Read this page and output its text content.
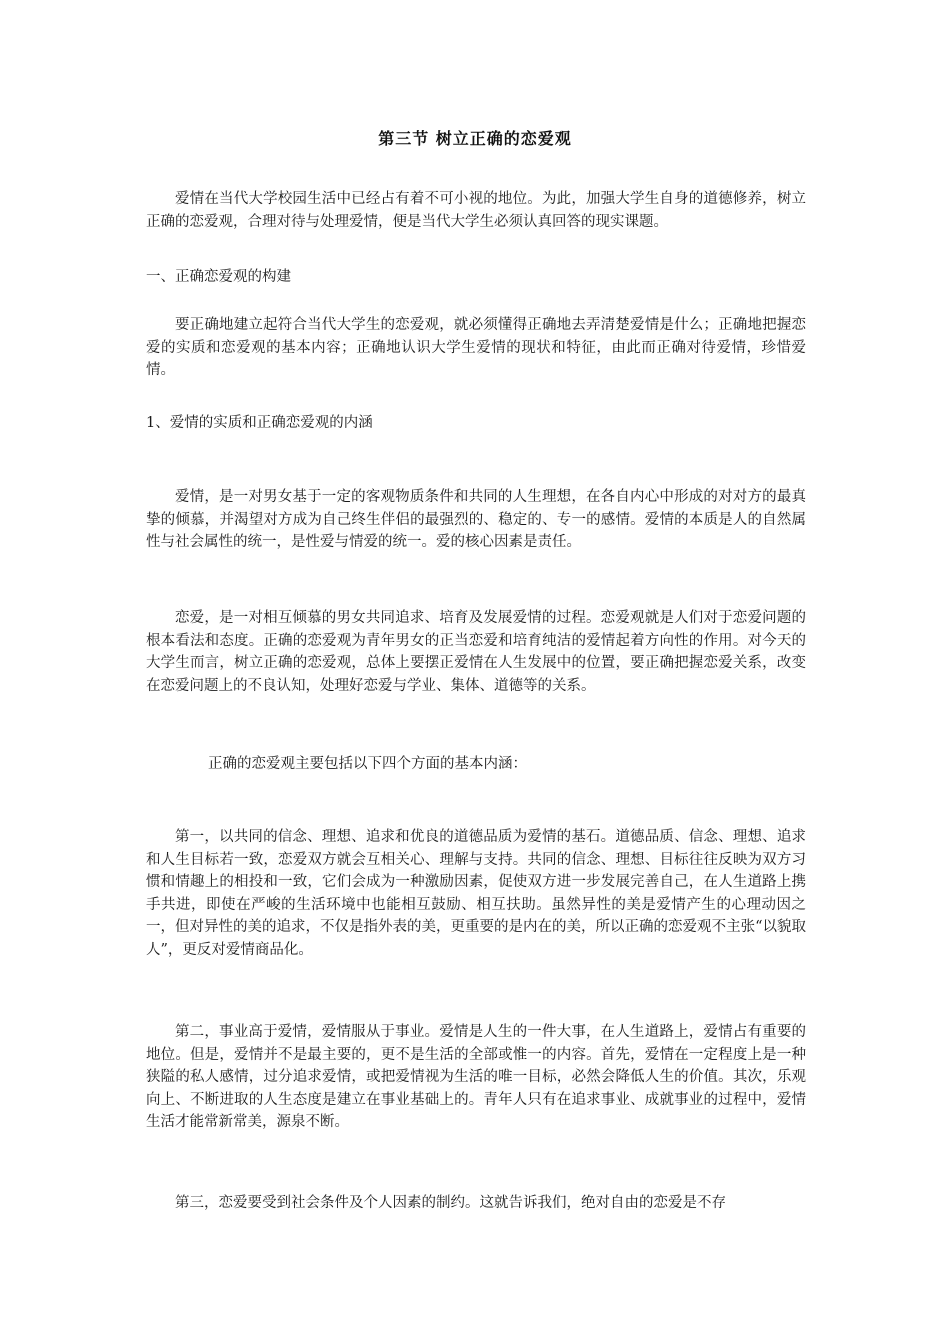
第三节 树立正确的恋爱观

爱情在当代大学校园生活中已经占有着不可小视的地位。为此，加强大学生自身的道德修养，树立正确的恋爱观，合理对待与处理爱情，便是当代大学生必须认真回答的现实课题。

一、正确恋爱观的构建

要正确地建立起符合当代大学生的恋爱观，就必须懂得正确地去弄清楚爱情是什么；正确地把握恋爱的实质和恋爱观的基本内容；正确地认识大学生爱情的现状和特征，由此而正确对待爱情，珍惜爱情。

1、爱情的实质和正确恋爱观的内涵

爱情，是一对男女基于一定的客观物质条件和共同的人生理想，在各自内心中形成的对对方的最真挚的倾慕，并渴望对方成为自己终生伴侣的最强烈的、稳定的、专一的感情。爱情的本质是人的自然属性与社会属性的统一，是性爱与情爱的统一。爱的核心因素是责任。

恋爱，是一对相互倾慕的男女共同追求、培育及发展爱情的过程。恋爱观就是人们对于恋爱问题的根本看法和态度。正确的恋爱观为青年男女的正当恋爱和培育纯洁的爱情起着方向性的作用。对今天的大学生而言，树立正确的恋爱观，总体上要摆正爱情在人生发展中的位置，要正确把握恋爱关系，改变在恋爱问题上的不良认知，处理好恋爱与学业、集体、道德等的关系。

正确的恋爱观主要包括以下四个方面的基本内涵：

第一，以共同的信念、理想、追求和优良的道德品质为爱情的基石。道德品质、信念、理想、追求和人生目标若一致，恋爱双方就会互相关心、理解与支持。共同的信念、理想、目标往往反映为双方习惯和情趣上的相投和一致，它们会成为一种激励因素，促使双方进一步发展完善自己，在人生道路上携手共进，即使在严峻的生活环境中也能相互鼓励、相互扶助。虽然异性的美是爱情产生的心理动因之一，但对异性的美的追求，不仅是指外表的美，更重要的是内在的美，所以正确的恋爱观不主张“以貌取人”，更反对爱情商品化。

第二，事业高于爱情，爱情服从于事业。爱情是人生的一件大事，在人生道路上，爱情占有重要的地位。但是，爱情并不是最主要的，更不是生活的全部或惟一的内容。首先，爱情在一定程度上是一种狭隘的私人感情，过分追求爱情，或把爱情视为生活的唯一目标，必然会降低人生的价值。其次，乐观向上、不断进取的人生态度是建立在事业基础上的。青年人只有在追求事业、成就事业的过程中，爱情生活才能常新常美，源泉不断。

第三，恋爱要受到社会条件及个人因素的制约。这就告诉我们，绝对自由的恋爱是不存
